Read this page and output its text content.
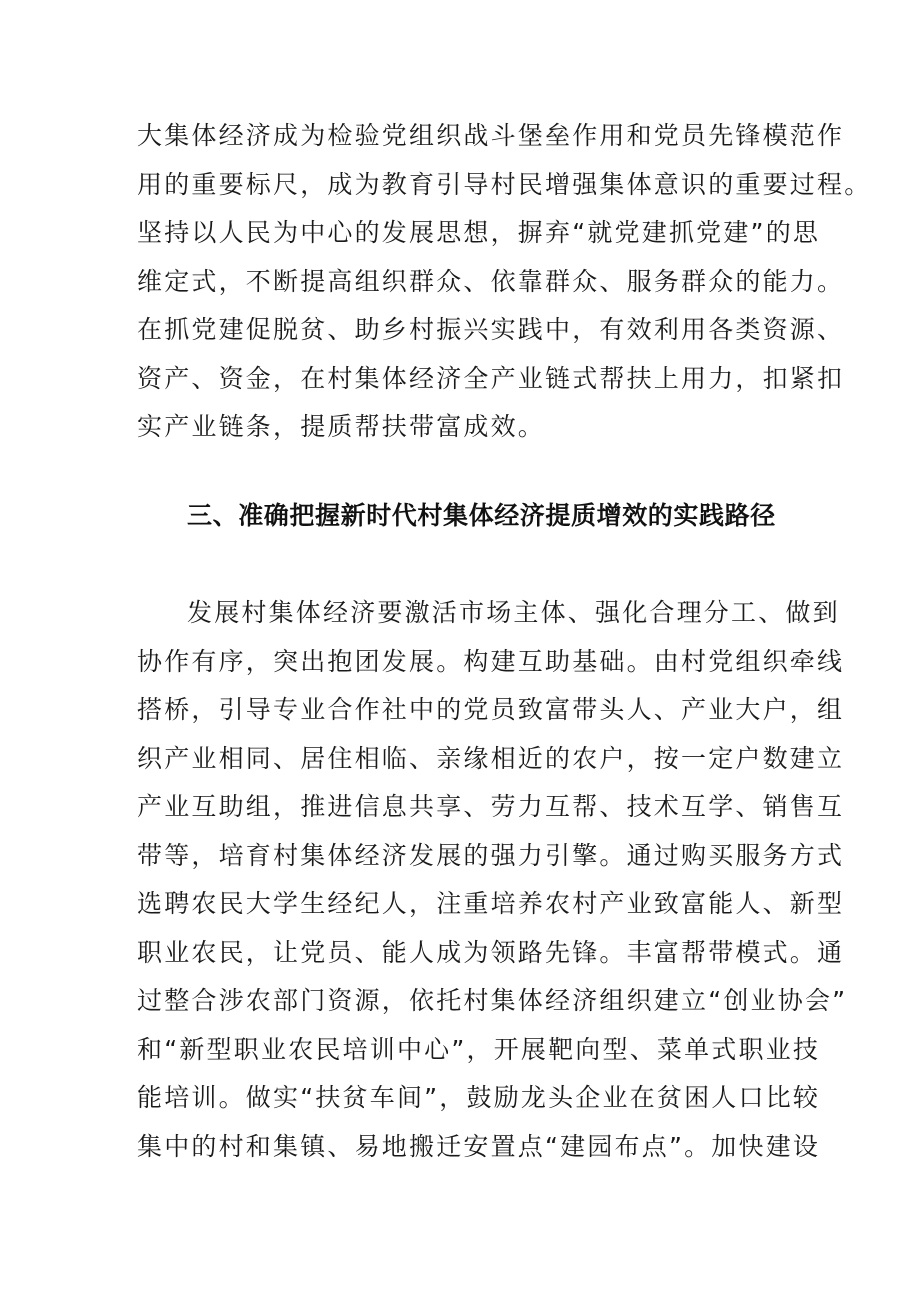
大集体经济成为检验党组织战斗堡垒作用和党员先锋模范作
用的重要标尺，成为教育引导村民增强集体意识的重要过程。
坚持以人民为中心的发展思想，摒弃“就党建抓党建”的思
维定式，不断提高组织群众、依靠群众、服务群众的能力。
在抓党建促脱贫、助乡村振兴实践中，有效利用各类资源、
资产、资金，在村集体经济全产业链式帮扶上用力，扣紧扣
实产业链条，提质帮扶带富成效。

三、准确把握新时代村集体经济提质增效的实践路径

发展村集体经济要激活市场主体、强化合理分工、做到
协作有序，突出抱团发展。构建互助基础。由村党组织牵线
搭桥，引导专业合作社中的党员致富带头人、产业大户，组
织产业相同、居住相临、亲缘相近的农户，按一定户数建立
产业互助组，推进信息共享、劳力互帮、技术互学、销售互
带等，培育村集体经济发展的强力引擎。通过购买服务方式
选聘农民大学生经纪人，注重培养农村产业致富能人、新型
职业农民，让党员、能人成为领路先锋。丰富帮带模式。通
过整合涉农部门资源，依托村集体经济组织建立“创业协会”
和“新型职业农民培训中心”，开展靶向型、菜单式职业技
能培训。做实“扶贫车间”，鼓励龙头企业在贫困人口比较
集中的村和集镇、易地搬迁安置点“建园布点”。加快建设
